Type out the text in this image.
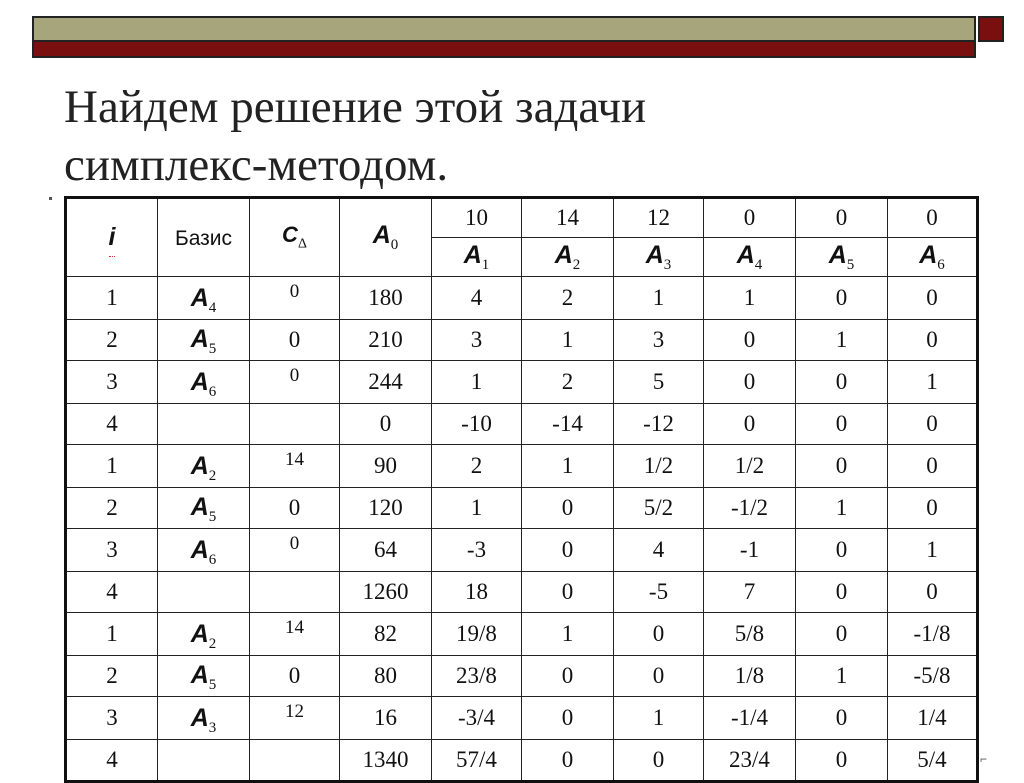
Найдем решение этой задачи
симплекс-методом.
i	Базис	$C_\Delta$	$A_0$	10	14	12	0	0	0
				$A_1$	$A_2$	$A_3$	$A_4$	$A_5$	$A_6$
1	$A_4$	0	180	4	2	1	1	0	0
2	$A_5$	0	210	3	1	3	0	1	0
3	$A_6$	0	244	1	2	5	0	0	1
4			0	-10	-14	-12	0	0	0
1	$A_2$	14	90	2	1	1/2	1/2	0	0
2	$A_5$	0	120	1	0	5/2	-1/2	1	0
3	$A_6$	0	64	-3	0	4	-1	0	1
4			1260	18	0	-5	7	0	0
1	$A_2$	14	82	19/8	1	0	5/8	0	-1/8
2	$A_5$	0	80	23/8	0	0	1/8	1	-5/8
3	$A_3$	12	16	-3/4	0	1	-1/4	0	1/4
4			1340	57/4	0	0	23/4	0	5/4	⌐
